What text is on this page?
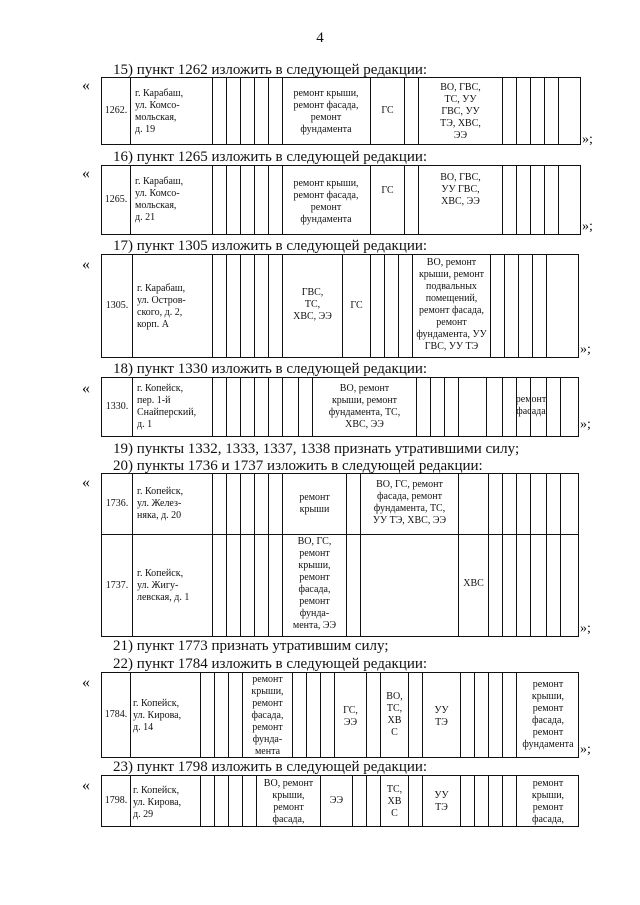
4
15) пункт 1262 изложить в следующей редакции:
«
1262.
г. Карабаш,
ул. Комсо-
мольская,
д. 19
ремонт крыши,
ремонт фасада,
ремонт
фундамента
ГС
ВО, ГВС,
ТС, УУ
ГВС, УУ
ТЭ, ХВС,
ЭЭ	»;
16) пункт 1265 изложить в следующей редакции:
«
1265.
г. Карабаш,
ул. Комсо-
мольская,
д. 21
ремонт крыши,
ремонт фасада,
ремонт
фундамента
ГС
ВО, ГВС,
УУ ГВС,
ХВС, ЭЭ
»;
17) пункт 1305 изложить в следующей редакции:
«
1305.
г. Карабаш,
ул. Остров-
ского, д. 2,
корп. А
ГВС,
ТС,
ХВС, ЭЭ
ГС
ВО, ремонт
крыши, ремонт
подвальных
помещений,
ремонт фасада,
ремонт
фундамента, УУ
ГВС, УУ ТЭ	»;
18) пункт 1330 изложить в следующей редакции:
«
1330.
г. Копейск,
пер. 1-й
Снайперский,
д. 1
ВО, ремонт
крыши, ремонт
фундамента, ТС,
ХВС, ЭЭ
ремонт
фасада
»;
19) пункты 1332, 1333, 1337, 1338 признать утратившими силу;
20) пункты 1736 и 1737 изложить в следующей редакции:
«
1736.
г. Копейск,
ул. Желез-
няка, д. 20
ремонт
крыши
ВО, ГС, ремонт
фасада, ремонт
фундамента, ТС,
УУ ТЭ, ХВС, ЭЭ
1737.
г. Копейск,
ул. Жигу-
левская, д. 1
ВО, ГС,
ремонт
крыши,
ремонт
фасада,
ремонт
фунда-
мента, ЭЭ
ХВС
»;
21) пункт 1773 признать утратившим силу;
22) пункт 1784 изложить в следующей редакции:
«
1784.
г. Копейск,
ул. Кирова,
д. 14
ремонт
крыши,
ремонт
фасада,
ремонт
фунда-
мента
ГС,
ЭЭ
ВО,
ТС,
ХВ
С
УУ
ТЭ
ремонт
крыши,
ремонт
фасада,
ремонт
фундамента »;
23) пункт 1798 изложить в следующей редакции:
«
1798.
г. Копейск,
ул. Кирова,
д. 29
ВО, ремонт
крыши,
ремонт
фасада,
ЭЭ
ТС,
ХВ
С
УУ
ТЭ
ремонт
крыши,
ремонт
фасада,
